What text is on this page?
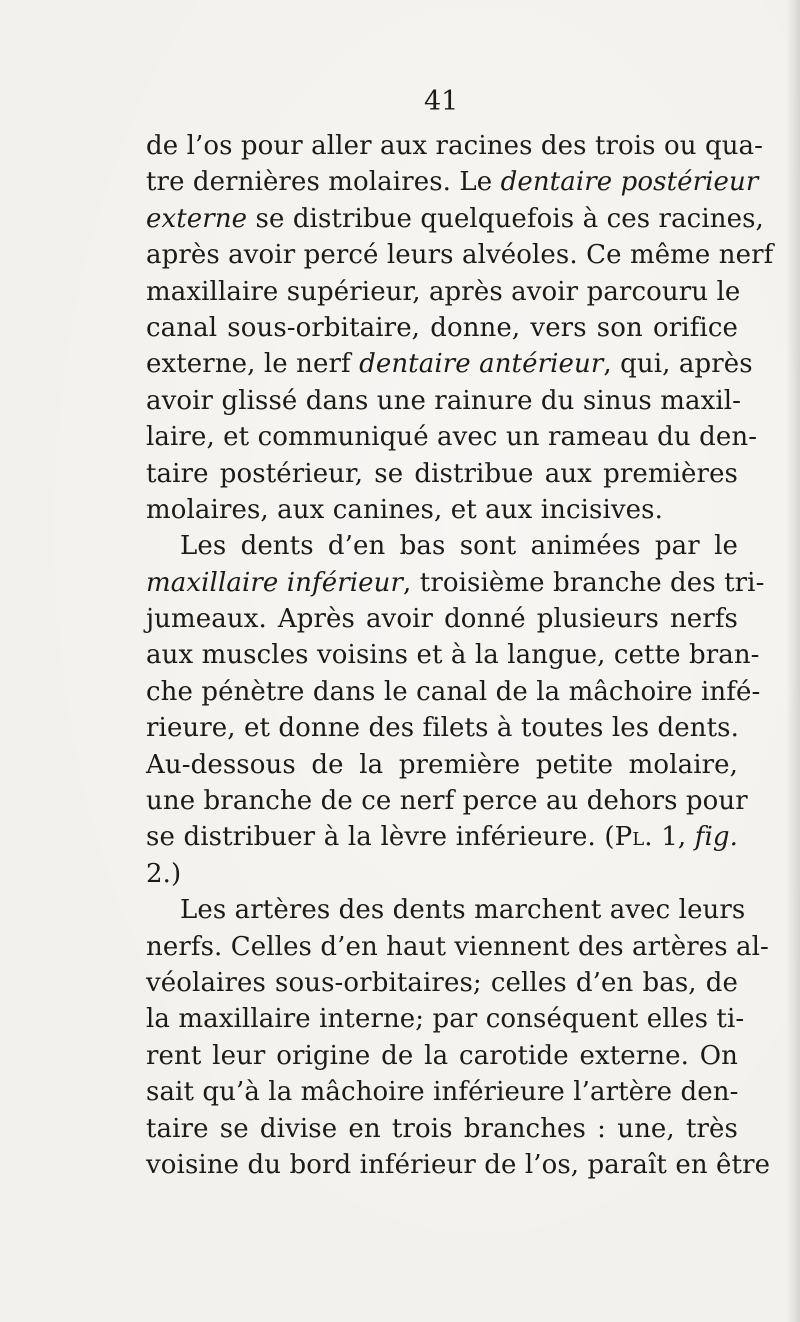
41
de l’os pour aller aux racines des trois ou qua-
tre dernières molaires. Le dentaire postérieur
externe se distribue quelquefois à ces racines,
après avoir percé leurs alvéoles. Ce même nerf
maxillaire supérieur, après avoir parcouru le
canal sous-orbitaire, donne, vers son orifice
externe, le nerf dentaire antérieur, qui, après
avoir glissé dans une rainure du sinus maxil-
laire, et communiqué avec un rameau du den-
taire postérieur, se distribue aux premières
molaires, aux canines, et aux incisives.
Les dents d’en bas sont animées par le
maxillaire inférieur, troisième branche des tri-
jumeaux. Après avoir donné plusieurs nerfs
aux muscles voisins et à la langue, cette bran-
che pénètre dans le canal de la mâchoire infé-
rieure, et donne des filets à toutes les dents.
Au-dessous de la première petite molaire,
une branche de ce nerf perce au dehors pour
se distribuer à la lèvre inférieure. (Pl. 1, fig.
2.)
Les artères des dents marchent avec leurs
nerfs. Celles d’en haut viennent des artères al-
véolaires sous-orbitaires; celles d’en bas, de
la maxillaire interne; par conséquent elles ti-
rent leur origine de la carotide externe. On
sait qu’à la mâchoire inférieure l’artère den-
taire se divise en trois branches : une, très
voisine du bord inférieur de l’os, paraît en être
